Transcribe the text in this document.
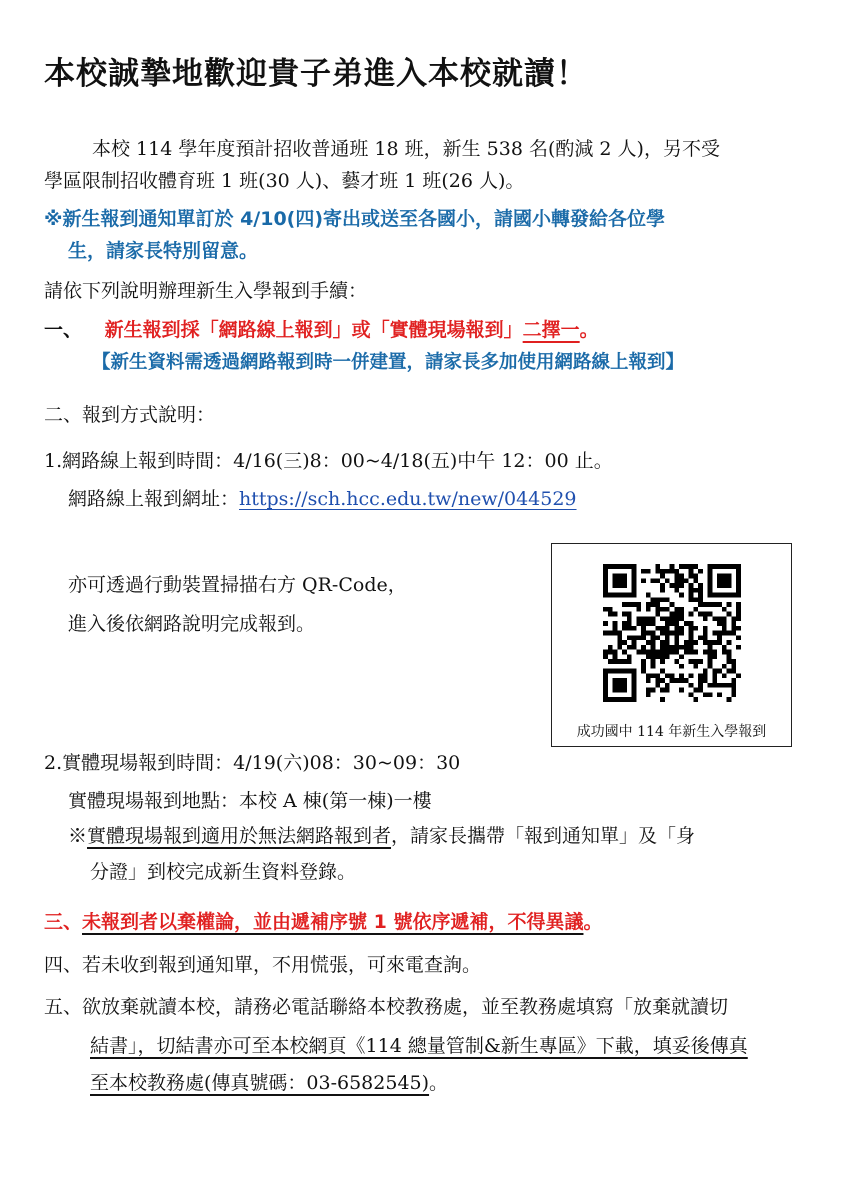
本校誠摯地歡迎貴子弟進入本校就讀！
本校 114 學年度預計招收普通班 18 班，新生 538 名(酌減 2 人)，另不受
學區限制招收體育班 1 班(30 人)、藝才班 1 班(26 人)。
※新生報到通知單訂於 4/10(四)寄出或送至各國小，請國小轉發給各位學
生，請家長特別留意。
請依下列說明辦理新生入學報到手續：
一、 新生報到採「網路線上報到」或「實體現場報到」二擇一。
【新生資料需透過網路報到時一併建置，請家長多加使用網路線上報到】
二、報到方式說明：
1.網路線上報到時間：4/16(三)8：00~4/18(五)中午 12：00 止。
網路線上報到網址：https://sch.hcc.edu.tw/new/044529
亦可透過行動裝置掃描右方 QR-Code，
進入後依網路說明完成報到。
成功國中 114 年新生入學報到
2.實體現場報到時間：4/19(六)08：30~09：30
實體現場報到地點：本校 A 棟(第一棟)一樓
※實體現場報到適用於無法網路報到者，請家長攜帶「報到通知單」及「身
分證」到校完成新生資料登錄。
三、未報到者以棄權論，並由遞補序號 1 號依序遞補，不得異議。
四、若未收到報到通知單，不用慌張，可來電查詢。
五、欲放棄就讀本校，請務必電話聯絡本校教務處，並至教務處填寫「放棄就讀切
結書」，切結書亦可至本校網頁《114 總量管制&新生專區》下載，填妥後傳真
至本校教務處(傳真號碼：03-6582545)。
